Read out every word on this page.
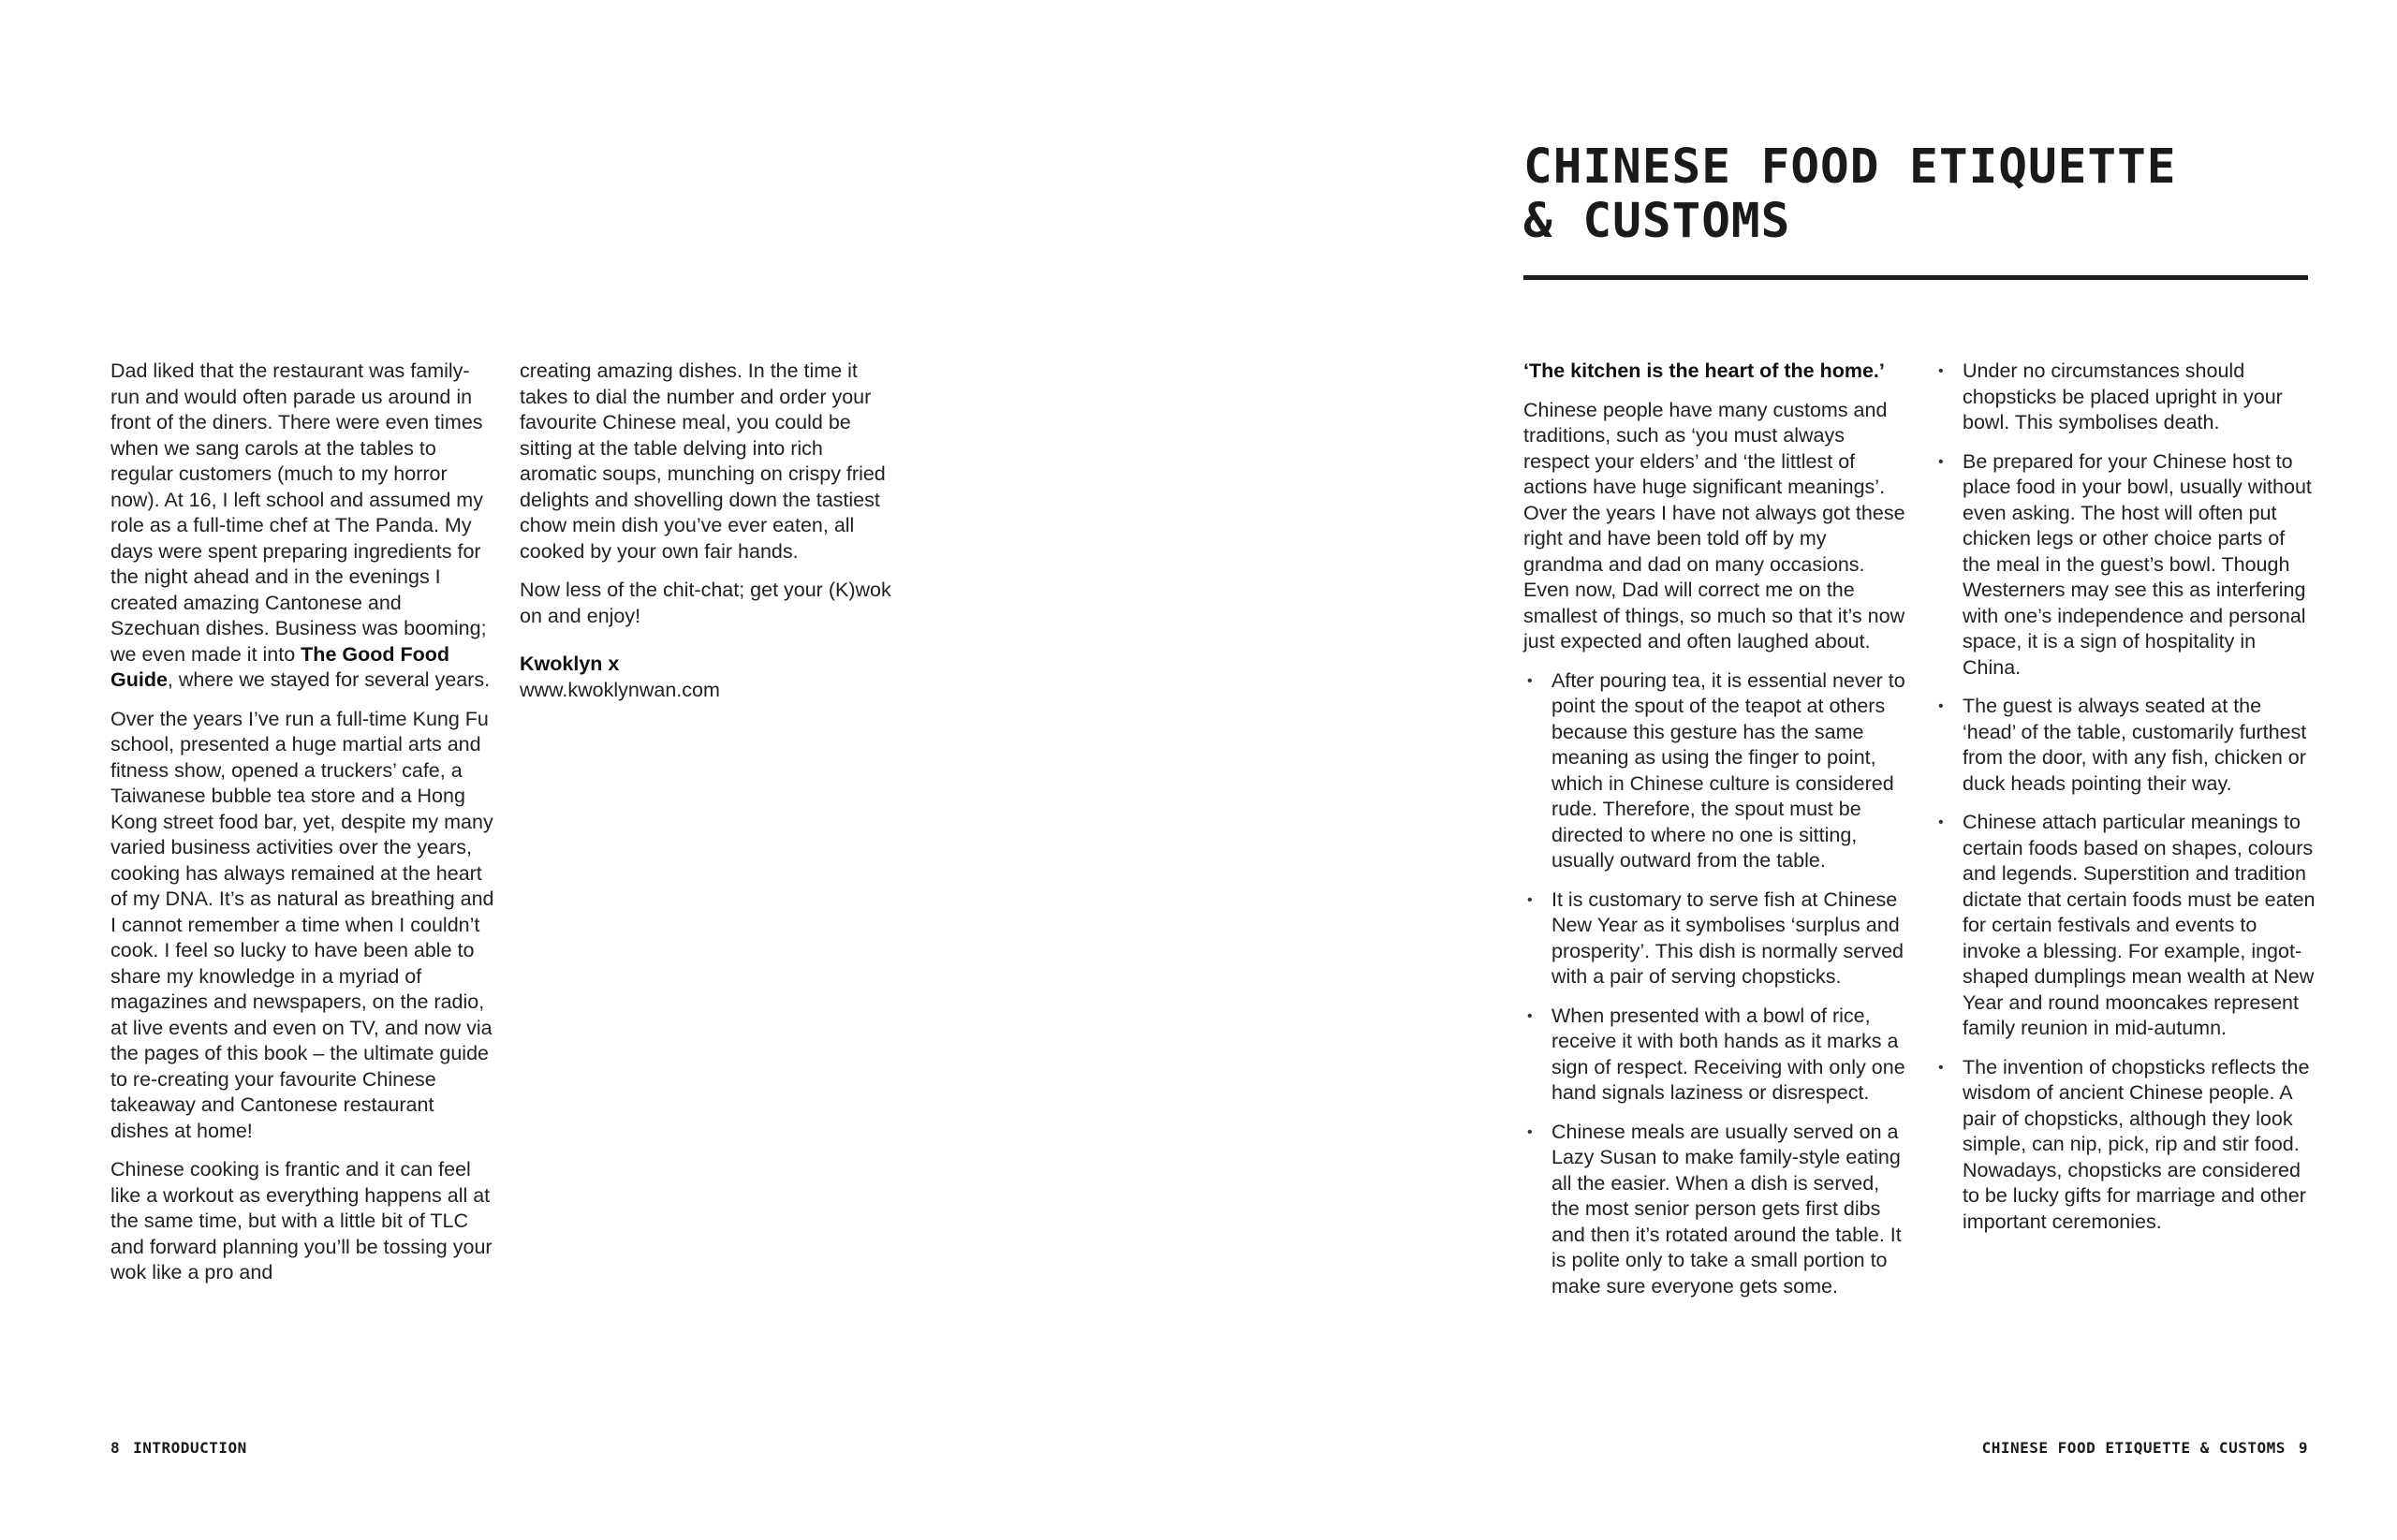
Dad liked that the restaurant was family-run and would often parade us around in front of the diners. There were even times when we sang carols at the tables to regular customers (much to my horror now). At 16, I left school and assumed my role as a full-time chef at The Panda. My days were spent preparing ingredients for the night ahead and in the evenings I created amazing Cantonese and Szechuan dishes. Business was booming; we even made it into The Good Food Guide, where we stayed for several years.

Over the years I’ve run a full-time Kung Fu school, presented a huge martial arts and fitness show, opened a truckers’ cafe, a Taiwanese bubble tea store and a Hong Kong street food bar, yet, despite my many varied business activities over the years, cooking has always remained at the heart of my DNA. It’s as natural as breathing and I cannot remember a time when I couldn’t cook. I feel so lucky to have been able to share my knowledge in a myriad of magazines and newspapers, on the radio, at live events and even on TV, and now via the pages of this book – the ultimate guide to re-creating your favourite Chinese takeaway and Cantonese restaurant dishes at home!

Chinese cooking is frantic and it can feel like a workout as everything happens all at the same time, but with a little bit of TLC and forward planning you’ll be tossing your wok like a pro and

creating amazing dishes. In the time it takes to dial the number and order your favourite Chinese meal, you could be sitting at the table delving into rich aromatic soups, munching on crispy fried delights and shovelling down the tastiest chow mein dish you’ve ever eaten, all cooked by your own fair hands.

Now less of the chit-chat; get your (K)wok on and enjoy!

Kwoklyn x
www.kwoklynwan.com

8 INTRODUCTION
CHINESE FOOD ETIQUETTE
& CUSTOMS

‘The kitchen is the heart of the home.’

Chinese people have many customs and traditions, such as ‘you must always respect your elders’ and ‘the littlest of actions have huge significant meanings’. Over the years I have not always got these right and have been told off by my grandma and dad on many occasions. Even now, Dad will correct me on the smallest of things, so much so that it’s now just expected and often laughed about.

• After pouring tea, it is essential never to point the spout of the teapot at others because this gesture has the same meaning as using the finger to point, which in Chinese culture is considered rude. Therefore, the spout must be directed to where no one is sitting, usually outward from the table.
• It is customary to serve fish at Chinese New Year as it symbolises ‘surplus and prosperity’. This dish is normally served with a pair of serving chopsticks.
• When presented with a bowl of rice, receive it with both hands as it marks a sign of respect. Receiving with only one hand signals laziness or disrespect.
• Chinese meals are usually served on a Lazy Susan to make family-style eating all the easier. When a dish is served, the most senior person gets first dibs and then it’s rotated around the table. It is polite only to take a small portion to make sure everyone gets some.
• Under no circumstances should chopsticks be placed upright in your bowl. This symbolises death.
• Be prepared for your Chinese host to place food in your bowl, usually without even asking. The host will often put chicken legs or other choice parts of the meal in the guest’s bowl. Though Westerners may see this as interfering with one’s independence and personal space, it is a sign of hospitality in China.
• The guest is always seated at the ‘head’ of the table, customarily furthest from the door, with any fish, chicken or duck heads pointing their way.
• Chinese attach particular meanings to certain foods based on shapes, colours and legends. Superstition and tradition dictate that certain foods must be eaten for certain festivals and events to invoke a blessing. For example, ingot-shaped dumplings mean wealth at New Year and round mooncakes represent family reunion in mid-autumn.
• The invention of chopsticks reflects the wisdom of ancient Chinese people. A pair of chopsticks, although they look simple, can nip, pick, rip and stir food. Nowadays, chopsticks are considered to be lucky gifts for marriage and other important ceremonies.
CHINESE FOOD ETIQUETTE & CUSTOMS 9
